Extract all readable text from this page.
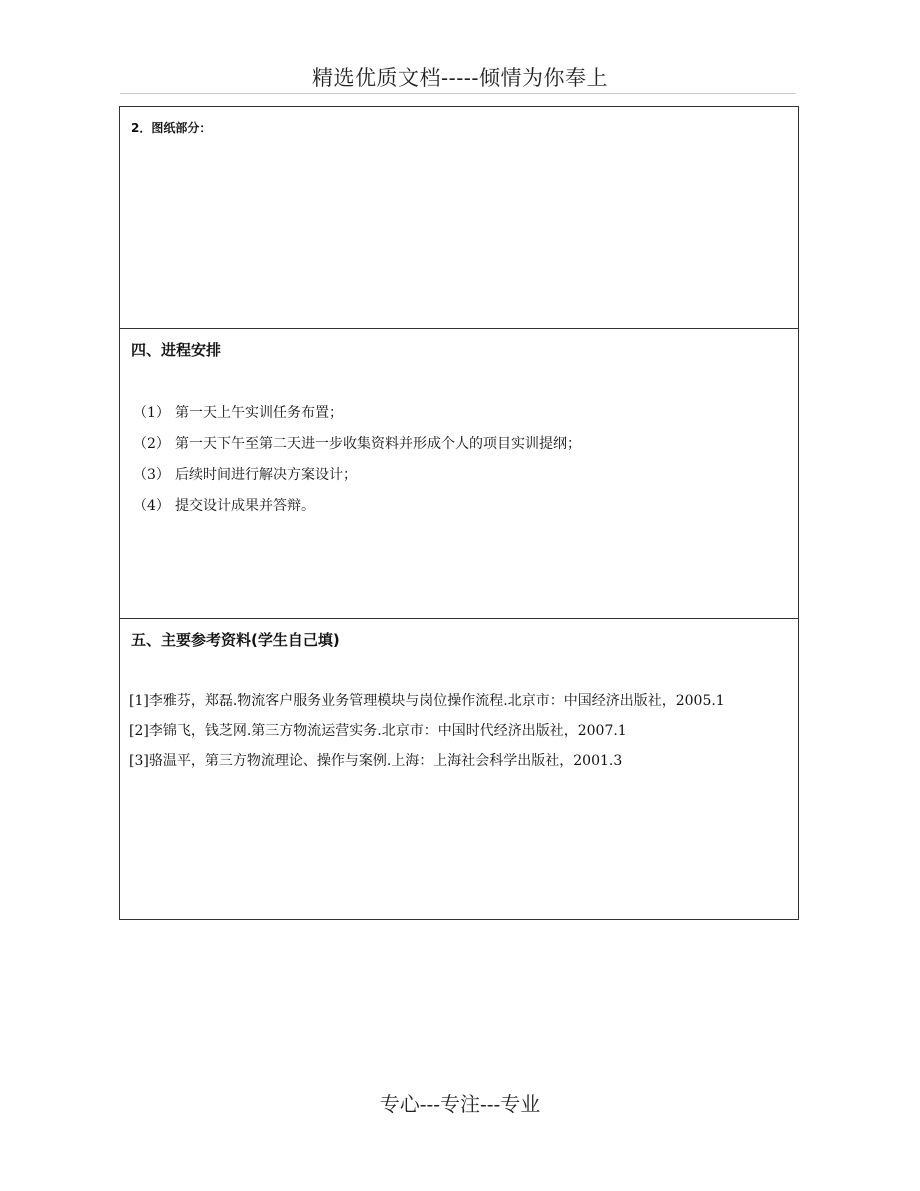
精选优质文档-----倾情为你奉上
2．图纸部分：
四、进程安排
（1） 第一天上午实训任务布置；
（2） 第一天下午至第二天进一步收集资料并形成个人的项目实训提纲；
（3） 后续时间进行解决方案设计；
（4） 提交设计成果并答辩。
五、主要参考资料(学生自己填)
[1]李雅芬，郑磊.物流客户服务业务管理模块与岗位操作流程.北京市：中国经济出版社，2005.1
[2]李锦飞，钱芝网.第三方物流运营实务.北京市：中国时代经济出版社，2007.1
[3]骆温平，第三方物流理论、操作与案例.上海：上海社会科学出版社，2001.3
专心---专注---专业
